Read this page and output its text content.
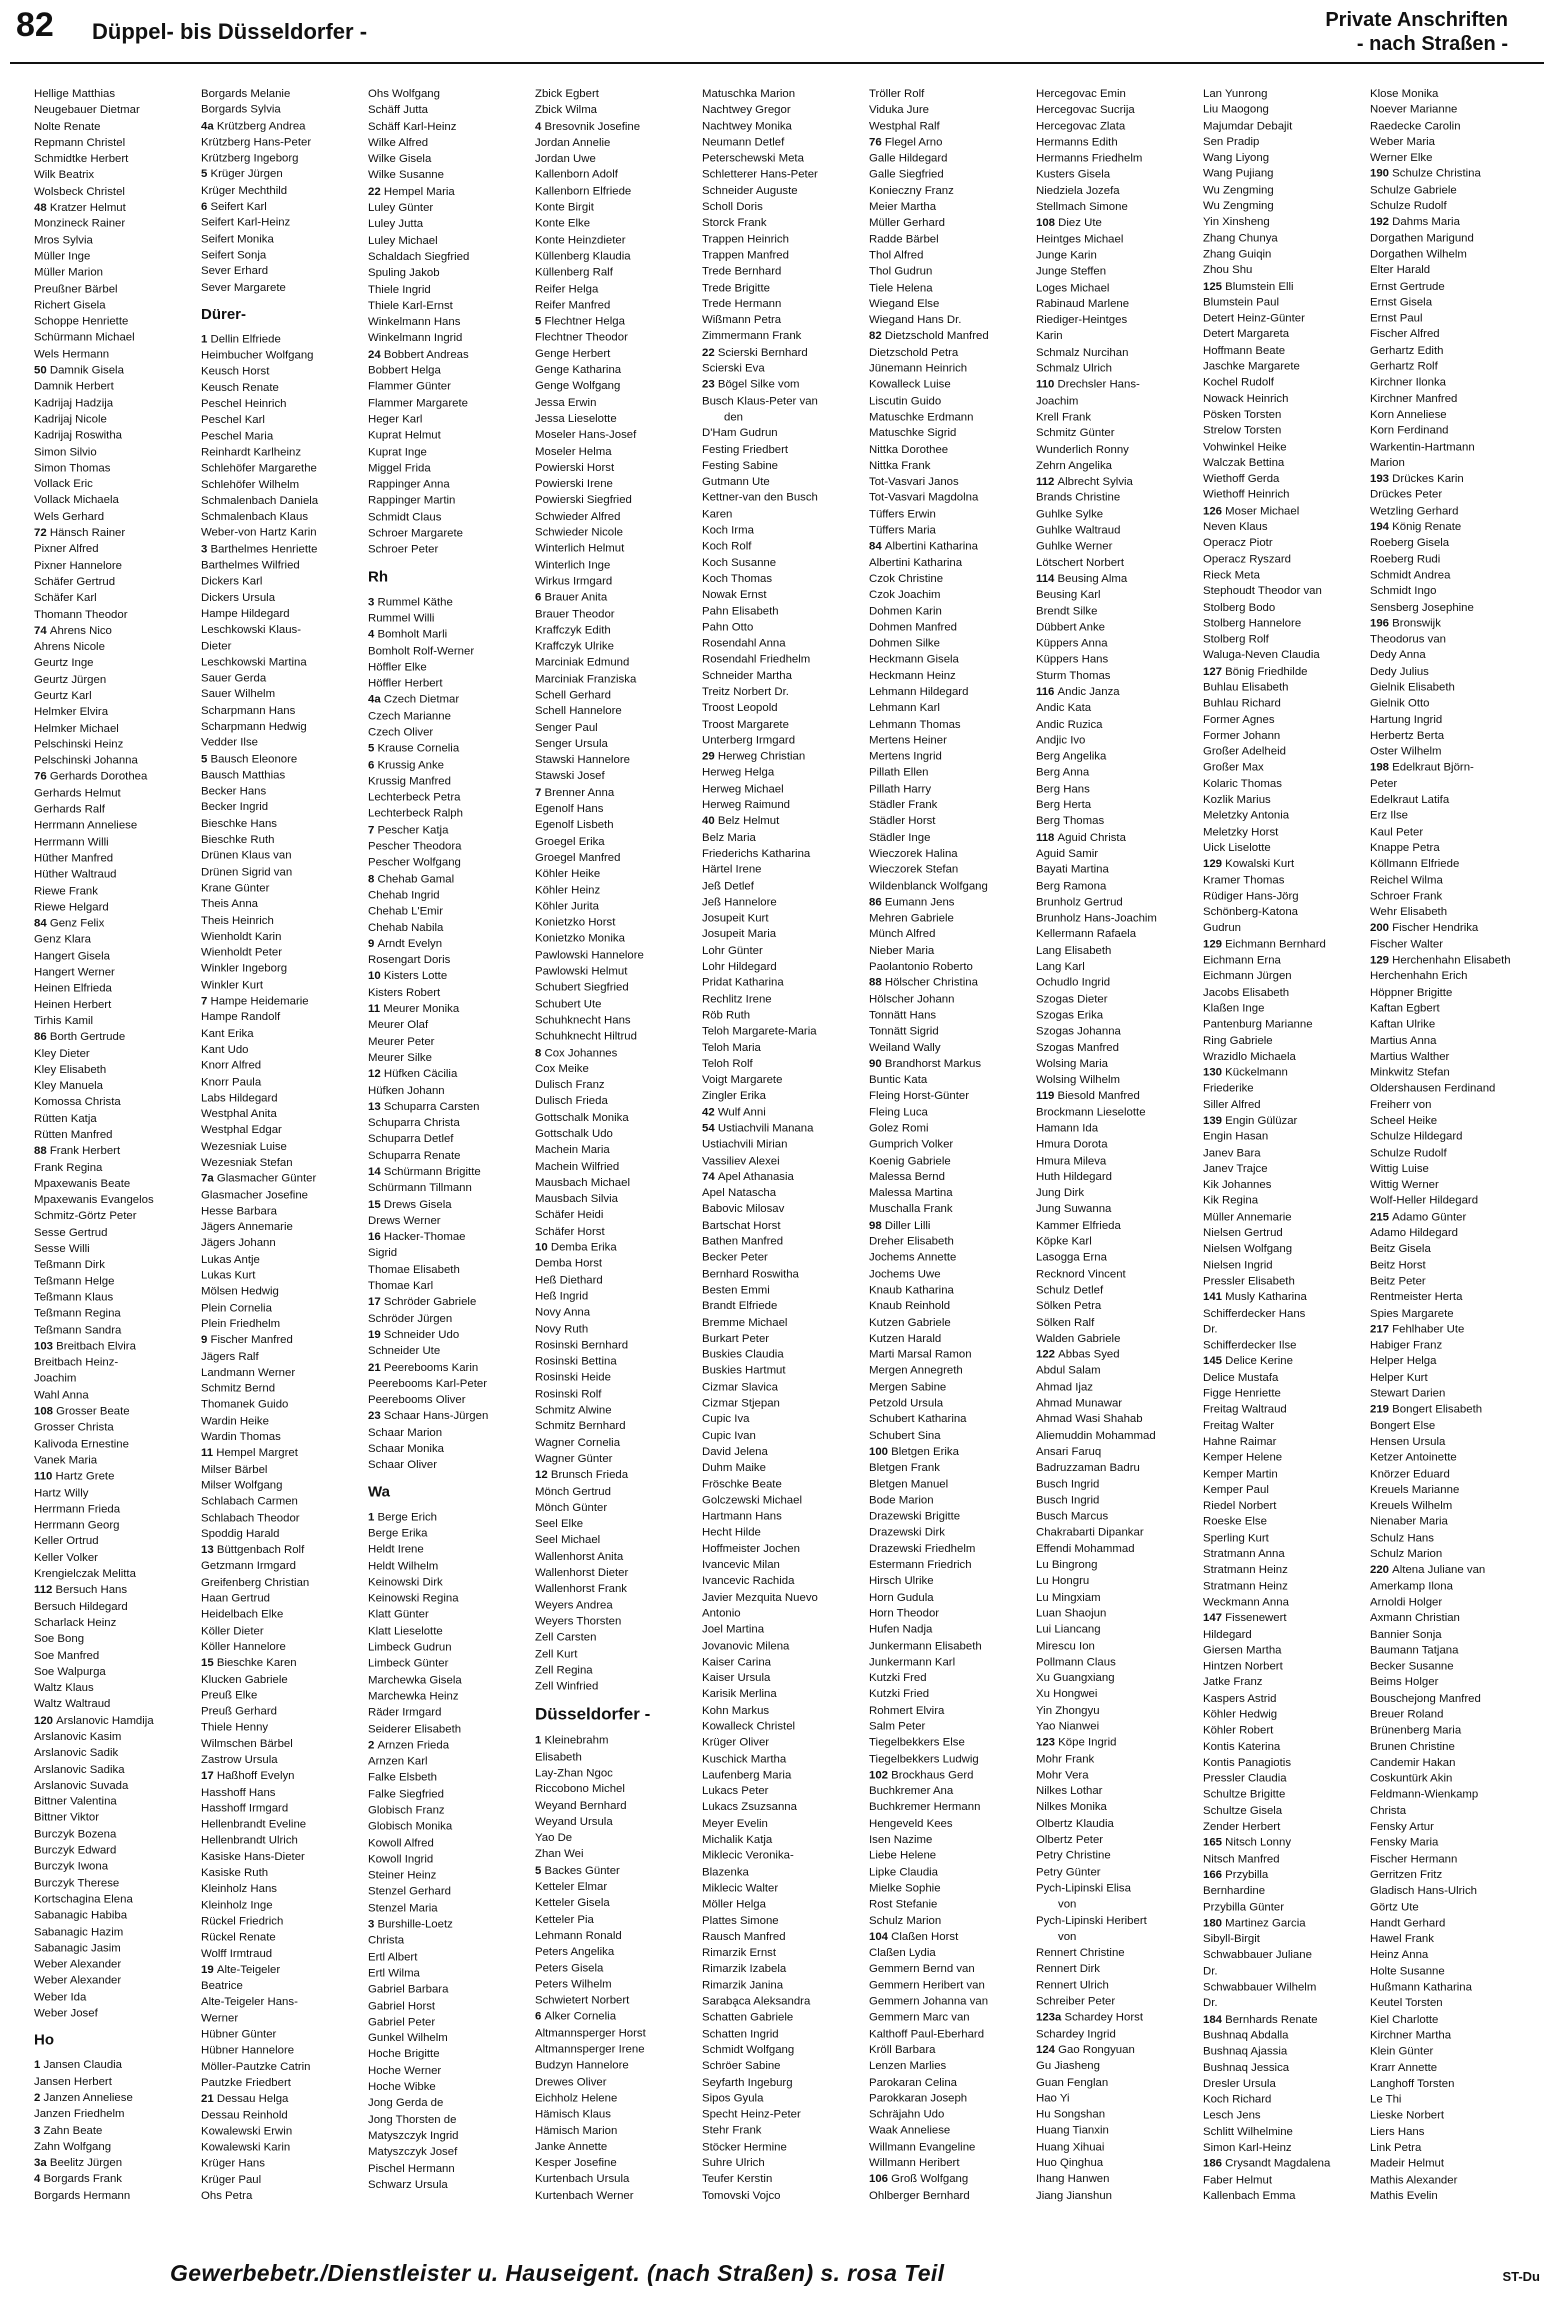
82 Düppel- bis Düsseldorfer -	Private Anschriften
- nach Straßen -
Hellige Matthias
Neugebauer Dietmar
Nolte Renate
Repmann Christel
Schmidtke Herbert
Wilk Beatrix
Wolsbeck Christel
48 Kratzer Helmut
Monzineck Rainer
Mros Sylvia
Müller Inge
Müller Marion
Preußner Bärbel
Richert Gisela
Schoppe Henriette
Schürmann Michael
Wels Hermann
50 Damnik Gisela
Damnik Herbert
Kadrijaj Hadzija
Kadrijaj Nicole
Kadrijaj Roswitha
Simon Silvio
Simon Thomas
Vollack Eric
Vollack Michaela
Wels Gerhard
72 Hänsch Rainer
Pixner Alfred
Pixner Hannelore
Schäfer Gertrud
Schäfer Karl
Thomann Theodor
74 Ahrens Nico
Ahrens Nicole
Geurtz Inge
Geurtz Jürgen
Geurtz Karl
Helmker Elvira
Helmker Michael
Pelschinski Heinz
Pelschinski Johanna
76 Gerhards Dorothea
Gerhards Helmut
Gerhards Ralf
Herrmann Anneliese
Herrmann Willi
Hüther Manfred
Hüther Waltraud
Riewe Frank
Riewe Helgard
84 Genz Felix
Genz Klara
Hangert Gisela
Hangert Werner
Heinen Elfrieda
Heinen Herbert
Tirhis Kamil
86 Borth Gertrude
Kley Dieter
Kley Elisabeth
Kley Manuela
Komossa Christa
Rütten Katja
Rütten Manfred
88 Frank Herbert
Frank Regina
Mpaxewanis Beate
Mpaxewanis Evangelos
Schmitz-Görtz Peter
Sesse Gertrud
Sesse Willi
Teßmann Dirk
Teßmann Helge
Teßmann Klaus
Teßmann Regina
Teßmann Sandra
103 Breitbach Elvira
Breitbach Heinz-
Joachim
Wahl Anna
108 Grosser Beate
Grosser Christa
Kalivoda Ernestine
Vanek Maria
110 Hartz Grete
Hartz Willy
Herrmann Frieda
Herrmann Georg
Keller Ortrud
Keller Volker
Krengielczak Melitta
112 Bersuch Hans
Bersuch Hildegard
Scharlack Heinz
Soe Bong
Soe Manfred
Soe Walpurga
Waltz Klaus
Waltz Waltraud
120 Arslanovic Hamdija
Arslanovic Kasim
Arslanovic Sadik
Arslanovic Sadika
Arslanovic Suvada
Bittner Valentina
Bittner Viktor
Burczyk Bozena
Burczyk Edward
Burczyk Iwona
Burczyk Therese
Kortschagina Elena
Sabanagic Habiba
Sabanagic Hazim
Sabanagic Jasim
Weber Alexander
Weber Alexander
Weber Ida
Weber Josef
Ho
1 Jansen Claudia
Jansen Herbert
2 Janzen Anneliese
Janzen Friedhelm
3 Zahn Beate
Zahn Wolfgang
3a Beelitz Jürgen
4 Borgards Frank
Borgards Hermann
Borgards Melanie
Borgards Sylvia
4a Krützberg Andrea
Krützberg Hans-Peter
Krützberg Ingeborg
5 Krüger Jürgen
Krüger Mechthild
6 Seifert Karl
Seifert Karl-Heinz
Seifert Monika
Seifert Sonja
Sever Erhard
Sever Margarete
Dürer-
1 Dellin Elfriede
Heimbucher Wolfgang
Keusch Horst
Keusch Renate
Peschel Heinrich
Peschel Karl
Peschel Maria
Reinhardt Karlheinz
Schlehöfer Margarethe
Schlehöfer Wilhelm
Schmalenbach Daniela
Schmalenbach Klaus
Weber-von Hartz Karin
3 Barthelmes Henriette
Barthelmes Wilfried
Dickers Karl
Dickers Ursula
Hampe Hildegard
Leschkowski Klaus-
Dieter
Leschkowski Martina
Sauer Gerda
Sauer Wilhelm
Scharpmann Hans
Scharpmann Hedwig
Vedder Ilse
5 Bausch Eleonore
Bausch Matthias
Becker Hans
Becker Ingrid
Bieschke Hans
Bieschke Ruth
Drünen Klaus van
Drünen Sigrid van
Krane Günter
Theis Anna
Theis Heinrich
Wienholdt Karin
Wienholdt Peter
Winkler Ingeborg
Winkler Kurt
7 Hampe Heidemarie
Hampe Randolf
Kant Erika
Kant Udo
Knorr Alfred
Knorr Paula
Labs Hildegard
Westphal Anita
Westphal Edgar
Wezesniak Luise
Wezesniak Stefan
7a Glasmacher Günter
Glasmacher Josefine
Hesse Barbara
Jägers Annemarie
Jägers Johann
Lukas Antje
Lukas Kurt
Mölsen Hedwig
Plein Cornelia
Plein Friedhelm
9 Fischer Manfred
Jägers Ralf
Landmann Werner
Schmitz Bernd
Thomanek Guido
Wardin Heike
Wardin Thomas
11 Hempel Margret
Milser Bärbel
Milser Wolfgang
Schlabach Carmen
Schlabach Theodor
Spoddig Harald
13 Büttgenbach Rolf
Getzmann Irmgard
Greifenberg Christian
Haan Gertrud
Heidelbach Elke
Köller Dieter
Köller Hannelore
15 Bieschke Karen
Klucken Gabriele
Preuß Elke
Preuß Gerhard
Thiele Henny
Wilmschen Bärbel
Zastrow Ursula
17 Haßhoff Evelyn
Hasshoff Hans
Hasshoff Irmgard
Hellenbrandt Eveline
Hellenbrandt Ulrich
Kasiske Hans-Dieter
Kasiske Ruth
Kleinholz Hans
Kleinholz Inge
Rückel Friedrich
Rückel Renate
Wolff Irmtraud
19 Alte-Teigeler
Beatrice
Alte-Teigeler Hans-
Werner
Hübner Günter
Hübner Hannelore
Möller-Pautzke Catrin
Pautzke Friedbert
21 Dessau Helga
Dessau Reinhold
Kowalewski Erwin
Kowalewski Karin
Krüger Hans
Krüger Paul
Ohs Petra
Ohs Wolfgang
Schäff Jutta
Schäff Karl-Heinz
Wilke Alfred
Wilke Gisela
Wilke Susanne
22 Hempel Maria
Luley Günter
Luley Jutta
Luley Michael
Schaldach Siegfried
Spuling Jakob
Thiele Ingrid
Thiele Karl-Ernst
Winkelmann Hans
Winkelmann Ingrid
24 Bobbert Andreas
Bobbert Helga
Flammer Günter
Flammer Margarete
Heger Karl
Kuprat Helmut
Kuprat Inge
Miggel Frida
Rappinger Anna
Rappinger Martin
Schmidt Claus
Schroer Margarete
Schroer Peter
Rh
3 Rummel Käthe
Rummel Willi
4 Bomholt Marli
Bomholt Rolf-Werner
Höffler Elke
Höffler Herbert
4a Czech Dietmar
Czech Marianne
Czech Oliver
5 Krause Cornelia
6 Krussig Anke
Krussig Manfred
Lechterbeck Petra
Lechterbeck Ralph
7 Pescher Katja
Pescher Theodora
Pescher Wolfgang
8 Chehab Gamal
Chehab Ingrid
Chehab L'Emir
Chehab Nabila
9 Arndt Evelyn
Rosengart Doris
10 Kisters Lotte
Kisters Robert
11 Meurer Monika
Meurer Olaf
Meurer Peter
Meurer Silke
12 Hüfken Cäcilia
Hüfken Johann
13 Schuparra Carsten
Schuparra Christa
Schuparra Detlef
Schuparra Renate
14 Schürmann Brigitte
Schürmann Tillmann
15 Drews Gisela
Drews Werner
16 Hacker-Thomae
Sigrid
Thomae Elisabeth
Thomae Karl
17 Schröder Gabriele
Schröder Jürgen
19 Schneider Udo
Schneider Ute
21 Peerebooms Karin
Peerebooms Karl-Peter
Peerebooms Oliver
23 Schaar Hans-Jürgen
Schaar Marion
Schaar Monika
Schaar Oliver
Wa
1 Berge Erich
Berge Erika
Heldt Irene
Heldt Wilhelm
Keinowski Dirk
Keinowski Regina
Klatt Günter
Klatt Lieselotte
Limbeck Gudrun
Limbeck Günter
Marchewka Gisela
Marchewka Heinz
Räder Irmgard
Seiderer Elisabeth
2 Arnzen Frieda
Arnzen Karl
Falke Elsbeth
Falke Siegfried
Globisch Franz
Globisch Monika
Kowoll Alfred
Kowoll Ingrid
Steiner Heinz
Stenzel Gerhard
Stenzel Maria
3 Burshille-Loetz
Christa
Ertl Albert
Ertl Wilma
Gabriel Barbara
Gabriel Horst
Gabriel Peter
Gunkel Wilhelm
Hoche Brigitte
Hoche Werner
Hoche Wibke
Jong Gerda de
Jong Thorsten de
Matyszczyk Ingrid
Matyszczyk Josef
Pischel Hermann
Schwarz Ursula
Zbick Egbert
Zbick Wilma
4 Bresovnik Josefine
Jordan Annelie
Jordan Uwe
Kallenborn Adolf
Kallenborn Elfriede
Konte Birgit
Konte Elke
Konte Heinzdieter
Küllenberg Klaudia
Küllenberg Ralf
Reifer Helga
Reifer Manfred
5 Flechtner Helga
Flechtner Theodor
Genge Herbert
Genge Katharina
Genge Wolfgang
Jessa Erwin
Jessa Lieselotte
Moseler Hans-Josef
Moseler Helma
Powierski Horst
Powierski Irene
Powierski Siegfried
Schwieder Alfred
Schwieder Nicole
Winterlich Helmut
Winterlich Inge
Wirkus Irmgard
6 Brauer Anita
Brauer Theodor
Kraffczyk Edith
Kraffczyk Ulrike
Marciniak Edmund
Marciniak Franziska
Schell Gerhard
Schell Hannelore
Senger Paul
Senger Ursula
Stawski Hannelore
Stawski Josef
7 Brenner Anna
Egenolf Hans
Egenolf Lisbeth
Groegel Erika
Groegel Manfred
Köhler Heike
Köhler Heinz
Köhler Jurita
Konietzko Horst
Konietzko Monika
Pawlowski Hannelore
Pawlowski Helmut
Schubert Siegfried
Schubert Ute
Schuhknecht Hans
Schuhknecht Hiltrud
8 Cox Johannes
Cox Meike
Dulisch Franz
Dulisch Frieda
Gottschalk Monika
Gottschalk Udo
Machein Maria
Machein Wilfried
Mausbach Michael
Mausbach Silvia
Schäfer Heidi
Schäfer Horst
10 Demba Erika
Demba Horst
Heß Diethard
Heß Ingrid
Novy Anna
Novy Ruth
Rosinski Bernhard
Rosinski Bettina
Rosinski Heide
Rosinski Rolf
Schmitz Alwine
Schmitz Bernhard
Wagner Cornelia
Wagner Günter
12 Brunsch Frieda
Mönch Gertrud
Mönch Günter
Seel Elke
Seel Michael
Wallenhorst Anita
Wallenhorst Dieter
Wallenhorst Frank
Weyers Andrea
Weyers Thorsten
Zell Carsten
Zell Kurt
Zell Regina
Zell Winfried
Düsseldorfer -
1 Kleinebrahm
Elisabeth
Lay-Zhan Ngoc
Riccobono Michel
Weyand Bernhard
Weyand Ursula
Yao De
Zhan Wei
5 Backes Günter
Ketteler Elmar
Ketteler Gisela
Ketteler Pia
Lehmann Ronald
Peters Angelika
Peters Gisela
Peters Wilhelm
Schwietert Norbert
6 Alker Cornelia
Altmannsperger Horst
Altmannsperger Irene
Budzyn Hannelore
Drewes Oliver
Eichholz Helene
Hämisch Klaus
Hämisch Marion
Janke Annette
Kesper Josefine
Kurtenbach Ursula
Kurtenbach Werner
Matuschka Marion
Nachtwey Gregor
Nachtwey Monika
Neumann Detlef
Peterschewski Meta
Schletterer Hans-Peter
Schneider Auguste
Scholl Doris
Storck Frank
Trappen Heinrich
Trappen Manfred
Trede Bernhard
Trede Brigitte
Trede Hermann
Wißmann Petra
Zimmermann Frank
22 Scierski Bernhard
Scierski Eva
23 Bögel Silke vom
Busch Klaus-Peter van
den
D'Ham Gudrun
Festing Friedbert
Festing Sabine
Gutmann Ute
Kettner-van den Busch
Karen
Koch Irma
Koch Rolf
Koch Susanne
Koch Thomas
Nowak Ernst
Pahn Elisabeth
Pahn Otto
Rosendahl Anna
Rosendahl Friedhelm
Schneider Martha
Treitz Norbert Dr.
Troost Leopold
Troost Margarete
Unterberg Irmgard
29 Herweg Christian
Herweg Helga
Herweg Michael
Herweg Raimund
40 Belz Helmut
Belz Maria
Friederichs Katharina
Härtel Irene
Jeß Detlef
Jeß Hannelore
Josupeit Kurt
Josupeit Maria
Lohr Günter
Lohr Hildegard
Pridat Katharina
Rechlitz Irene
Röb Ruth
Teloh Margarete-Maria
Teloh Maria
Teloh Rolf
Voigt Margarete
Zingler Erika
42 Wulf Anni
54 Ustiachvili Manana
Ustiachvili Mirian
Vassiliev Alexei
74 Apel Athanasia
Apel Natascha
Babovic Milosav
Bartschat Horst
Bathen Manfred
Becker Peter
Bernhard Roswitha
Besten Emmi
Brandt Elfriede
Bremme Michael
Burkart Peter
Buskies Claudia
Buskies Hartmut
Cizmar Slavica
Cizmar Stjepan
Cupic Iva
Cupic Ivan
David Jelena
Duhm Maike
Fröschke Beate
Golczewski Michael
Hartmann Hans
Hecht Hilde
Hoffmeister Jochen
Ivancevic Milan
Ivancevic Rachida
Javier Mezquita Nuevo
Antonio
Joel Martina
Jovanovic Milena
Kaiser Carina
Kaiser Ursula
Karisik Merlina
Kohn Markus
Kowalleck Christel
Krüger Oliver
Kuschick Martha
Laufenberg Maria
Lukacs Peter
Lukacs Zsuzsanna
Meyer Evelin
Michalik Katja
Miklecic Veronika-
Blazenka
Miklecic Walter
Möller Helga
Plattes Simone
Rausch Manfred
Rimarzik Ernst
Rimarzik Izabela
Rimarzik Janina
Saraba̧ca Aleksandra
Schatten Gabriele
Schatten Ingrid
Schmidt Wolfgang
Schröer Sabine
Seyfarth Ingeburg
Sipos Gyula
Specht Heinz-Peter
Stehr Frank
Stöcker Hermine
Suhre Ulrich
Teufer Kerstin
Tomovski Vojco
Tröller Rolf
Viduka Jure
Westphal Ralf
76 Flegel Arno
Galle Hildegard
Galle Siegfried
Konieczny Franz
Meier Martha
Müller Gerhard
Radde Bärbel
Thol Alfred
Thol Gudrun
Tiele Helena
Wiegand Else
Wiegand Hans Dr.
82 Dietzschold Manfred
Dietzschold Petra
Jünemann Heinrich
Kowalleck Luise
Liscutin Guido
Matuschke Erdmann
Matuschke Sigrid
Nittka Dorothee
Nittka Frank
Tot-Vasvari Janos
Tot-Vasvari Magdolna
Tüffers Erwin
Tüffers Maria
84 Albertini Katharina
Albertini Katharina
Czok Christine
Czok Joachim
Dohmen Karin
Dohmen Manfred
Dohmen Silke
Heckmann Gisela
Heckmann Heinz
Lehmann Hildegard
Lehmann Karl
Lehmann Thomas
Mertens Heiner
Mertens Ingrid
Pillath Ellen
Pillath Harry
Städler Frank
Städler Horst
Städler Inge
Wieczorek Halina
Wieczorek Stefan
Wildenblanck Wolfgang
86 Eumann Jens
Mehren Gabriele
Münch Alfred
Nieber Maria
Paolantonio Roberto
88 Hölscher Christina
Hölscher Johann
Tonnätt Hans
Tonnätt Sigrid
Weiland Wally
90 Brandhorst Markus
Buntic Kata
Fleing Horst-Günter
Fleing Luca
Golez Romi
Gumprich Volker
Koenig Gabriele
Malessa Bernd
Malessa Martina
Muschalla Frank
98 Diller Lilli
Dreher Elisabeth
Jochems Annette
Jochems Uwe
Knaub Katharina
Knaub Reinhold
Kutzen Gabriele
Kutzen Harald
Marti Marsal Ramon
Mergen Annegreth
Mergen Sabine
Petzold Ursula
Schubert Katharina
Schubert Sina
100 Bletgen Erika
Bletgen Frank
Bletgen Manuel
Bode Marion
Drazewski Brigitte
Drazewski Dirk
Drazewski Friedhelm
Estermann Friedrich
Hirsch Ulrike
Horn Gudula
Horn Theodor
Hufen Nadja
Junkermann Elisabeth
Junkermann Karl
Kutzki Fred
Kutzki Fried
Rohmert Elvira
Salm Peter
Tiegelbekkers Else
Tiegelbekkers Ludwig
102 Brockhaus Gerd
Buchkremer Ana
Buchkremer Hermann
Hengeveld Kees
Isen Nazime
Liebe Helene
Lipke Claudia
Mielke Sophie
Rost Stefanie
Schulz Marion
104 Claßen Horst
Claßen Lydia
Gemmern Bernd van
Gemmern Heribert van
Gemmern Johanna van
Gemmern Marc van
Kalthoff Paul-Eberhard
Kröll Barbara
Lenzen Marlies
Parokaran Celina
Parokkaran Joseph
Schräjahn Udo
Waak Anneliese
Willmann Evangeline
Willmann Heribert
106 Groß Wolfgang
Ohlberger Bernhard
Hercegovac Emin
Hercegovac Sucrija
Hercegovac Zlata
Hermanns Edith
Hermanns Friedhelm
Kusters Gisela
Niedziela Jozefa
Stellmach Simone
108 Diez Ute
Heintges Michael
Junge Karin
Junge Steffen
Loges Michael
Rabinaud Marlene
Riediger-Heintges
Karin
Schmalz Nurcihan
Schmalz Ulrich
110 Drechsler Hans-
Joachim
Krell Frank
Schmitz Günter
Wunderlich Ronny
Zehrn Angelika
112 Albrecht Sylvia
Brands Christine
Guhlke Sylke
Guhlke Waltraud
Guhlke Werner
Lötschert Norbert
114 Beusing Alma
Beusing Karl
Brendt Silke
Dübbert Anke
Küppers Anna
Küppers Hans
Sturm Thomas
116 Andic Janza
Andic Kata
Andic Ruzica
Andjic Ivo
Berg Angelika
Berg Anna
Berg Hans
Berg Herta
Berg Thomas
118 Aguid Christa
Aguid Samir
Bayati Martina
Berg Ramona
Brunholz Gertrud
Brunholz Hans-Joachim
Kellermann Rafaela
Lang Elisabeth
Lang Karl
Ochudlo Ingrid
Szogas Dieter
Szogas Erika
Szogas Johanna
Szogas Manfred
Wolsing Maria
Wolsing Wilhelm
119 Biesold Manfred
Brockmann Lieselotte
Hamann Ida
Hmura Dorota
Hmura Mileva
Huth Hildegard
Jung Dirk
Jung Suwanna
Kammer Elfrieda
Köpke Karl
Lasogga Erna
Recknord Vincent
Schulz Detlef
Sölken Petra
Sölken Ralf
Walden Gabriele
122 Abbas Syed
Abdul Salam
Ahmad Ijaz
Ahmad Munawar
Ahmad Wasi Shahab
Aliemuddin Mohammad
Ansari Faruq
Badruzzaman Badru
Busch Ingrid
Busch Ingrid
Busch Marcus
Chakrabarti Dipankar
Effendi Mohammad
Lu Bingrong
Lu Hongru
Lu Mingxiam
Luan Shaojun
Lui Liancang
Mirescu Ion
Pollmann Claus
Xu Guangxiang
Xu Hongwei
Yin Zhongyu
Yao Nianwei
123 Köpe Ingrid
Mohr Frank
Mohr Vera
Nilkes Lothar
Nilkes Monika
Olbertz Klaudia
Olbertz Peter
Petry Christine
Petry Günter
Pych-Lipinski Elisa
von
Pych-Lipinski Heribert
von
Rennert Christine
Rennert Dirk
Rennert Ulrich
Schreiber Peter
123a Schardey Horst
Schardey Ingrid
124 Gao Rongyuan
Gu Jiasheng
Guan Fenglan
Hao Yi
Hu Songshan
Huang Tianxin
Huang Xihuai
Huo Qinghua
Ihang Hanwen
Jiang Jianshun
Lan Yunrong
Liu Maogong
Majumdar Debajit
Sen Pradip
Wang Liyong
Wang Pujiang
Wu Zengming
Wu Zengming
Yin Xinsheng
Zhang Chunya
Zhang Guiqin
Zhou Shu
125 Blumstein Elli
Blumstein Paul
Detert Heinz-Günter
Detert Margareta
Hoffmann Beate
Jaschke Margarete
Kochel Rudolf
Nowack Heinrich
Pösken Torsten
Strelow Torsten
Vohwinkel Heike
Walczak Bettina
Wiethoff Gerda
Wiethoff Heinrich
126 Moser Michael
Neven Klaus
Operacz Piotr
Operacz Ryszard
Rieck Meta
Stephoudt Theodor van
Stolberg Bodo
Stolberg Hannelore
Stolberg Rolf
Waluga-Neven Claudia
127 Bönig Friedhilde
Buhlau Elisabeth
Buhlau Richard
Former Agnes
Former Johann
Großer Adelheid
Großer Max
Kolaric Thomas
Kozlik Marius
Meletzky Antonia
Meletzky Horst
Uick Liselotte
129 Kowalski Kurt
Kramer Thomas
Rüdiger Hans-Jörg
Schönberg-Katona
Gudrun
129 Eichmann Bernhard
Eichmann Erna
Eichmann Jürgen
Jacobs Elisabeth
Klaßen Inge
Pantenburg Marianne
Ring Gabriele
Wrazidlo Michaela
130 Kückelmann
Friederike
Siller Alfred
139 Engin Gülüzar
Engin Hasan
Janev Bara
Janev Trajce
Kik Johannes
Kik Regina
Müller Annemarie
Nielsen Gertrud
Nielsen Wolfgang
Nielsen Ingrid
Pressler Elisabeth
141 Musly Katharina
Schifferdecker Hans
Dr.
Schifferdecker Ilse
145 Delice Kerine
Delice Mustafa
Figge Henriette
Freitag Waltraud
Freitag Walter
Hahne Raimar
Kemper Helene
Kemper Martin
Kemper Paul
Riedel Norbert
Roeske Else
Sperling Kurt
Stratmann Anna
Stratmann Heinz
Stratmann Heinz
Weckmann Anna
147 Fissenewert
Hildegard
Giersen Martha
Hintzen Norbert
Jatke Franz
Kaspers Astrid
Köhler Hedwig
Köhler Robert
Kontis Katerina
Kontis Panagiotis
Pressler Claudia
Schultze Brigitte
Schultze Gisela
Zender Herbert
165 Nitsch Lonny
Nitsch Manfred
166 Przybilla
Bernhardine
Przybilla Günter
180 Martinez Garcia
Sibyll-Birgit
Schwabbauer Juliane
Dr.
Schwabbauer Wilhelm
Dr.
184 Bernhards Renate
Bushnaq Abdalla
Bushnaq Ajassia
Bushnaq Jessica
Dresler Ursula
Koch Richard
Lesch Jens
Schlitt Wilhelmine
Simon Karl-Heinz
186 Crysandt Magdalena
Faber Helmut
Kallenbach Emma
Klose Monika
Noever Marianne
Raedecke Carolin
Weber Maria
Werner Elke
190 Schulze Christina
Schulze Gabriele
Schulze Rudolf
192 Dahms Maria
Dorgathen Marigund
Dorgathen Wilhelm
Elter Harald
Ernst Gertrude
Ernst Gisela
Ernst Paul
Fischer Alfred
Gerhartz Edith
Gerhartz Rolf
Kirchner Ilonka
Kirchner Manfred
Korn Anneliese
Korn Ferdinand
Warkentin-Hartmann
Marion
193 Drückes Karin
Drückes Peter
Wetzling Gerhard
194 König Renate
Roeberg Gisela
Roeberg Rudi
Schmidt Andrea
Schmidt Ingo
Sensberg Josephine
196 Bronswijk
Theodorus van
Dedy Anna
Dedy Julius
Gielnik Elisabeth
Gielnik Otto
Hartung Ingrid
Herbertz Berta
Oster Wilhelm
198 Edelkraut Björn-
Peter
Edelkraut Latifa
Erz Ilse
Kaul Peter
Knappe Petra
Köllmann Elfriede
Reichel Wilma
Schroer Frank
Wehr Elisabeth
200 Fischer Hendrika
Fischer Walter
129 Herchenhahn Elisabeth
Herchenhahn Erich
Höppner Brigitte
Kaftan Egbert
Kaftan Ulrike
Martius Anna
Martius Walther
Minkwitz Stefan
Oldershausen Ferdinand
Freiherr von
Scheel Heike
Schulze Hildegard
Schulze Rudolf
Wittig Luise
Wittig Werner
Wolf-Heller Hildegard
215 Adamo Günter
Adamo Hildegard
Beitz Gisela
Beitz Horst
Beitz Peter
Rentmeister Herta
Spies Margarete
217 Fehlhaber Ute
Habiger Franz
Helper Helga
Helper Kurt
Stewart Darien
219 Bongert Elisabeth
Bongert Else
Hensen Ursula
Ketzer Antoinette
Knörzer Eduard
Kreuels Marianne
Kreuels Wilhelm
Nienaber Maria
Schulz Hans
Schulz Marion
220 Altena Juliane van
Amerkamp Ilona
Arnoldi Holger
Axmann Christian
Bannier Sonja
Baumann Tatjana
Becker Susanne
Beims Holger
Bouschejong Manfred
Breuer Roland
Brünenberg Maria
Brunen Christine
Candemir Hakan
Coskuntürk Akin
Feldmann-Wienkamp
Christa
Fensky Artur
Fensky Maria
Fischer Hermann
Gerritzen Fritz
Gladisch Hans-Ulrich
Görtz Ute
Handt Gerhard
Hawel Frank
Heinz Anna
Holte Susanne
Hußmann Katharina
Keutel Torsten
Kiel Charlotte
Kirchner Martha
Klein Günter
Krarr Annette
Langhoff Torsten
Le Thi
Lieske Norbert
Liers Hans
Link Petra
Madeir Helmut
Mathis Alexander
Mathis Evelin
Gewerbebetr./Dienstleister u. Hauseigent. (nach Straßen) s. rosa Teil	ST-Du
